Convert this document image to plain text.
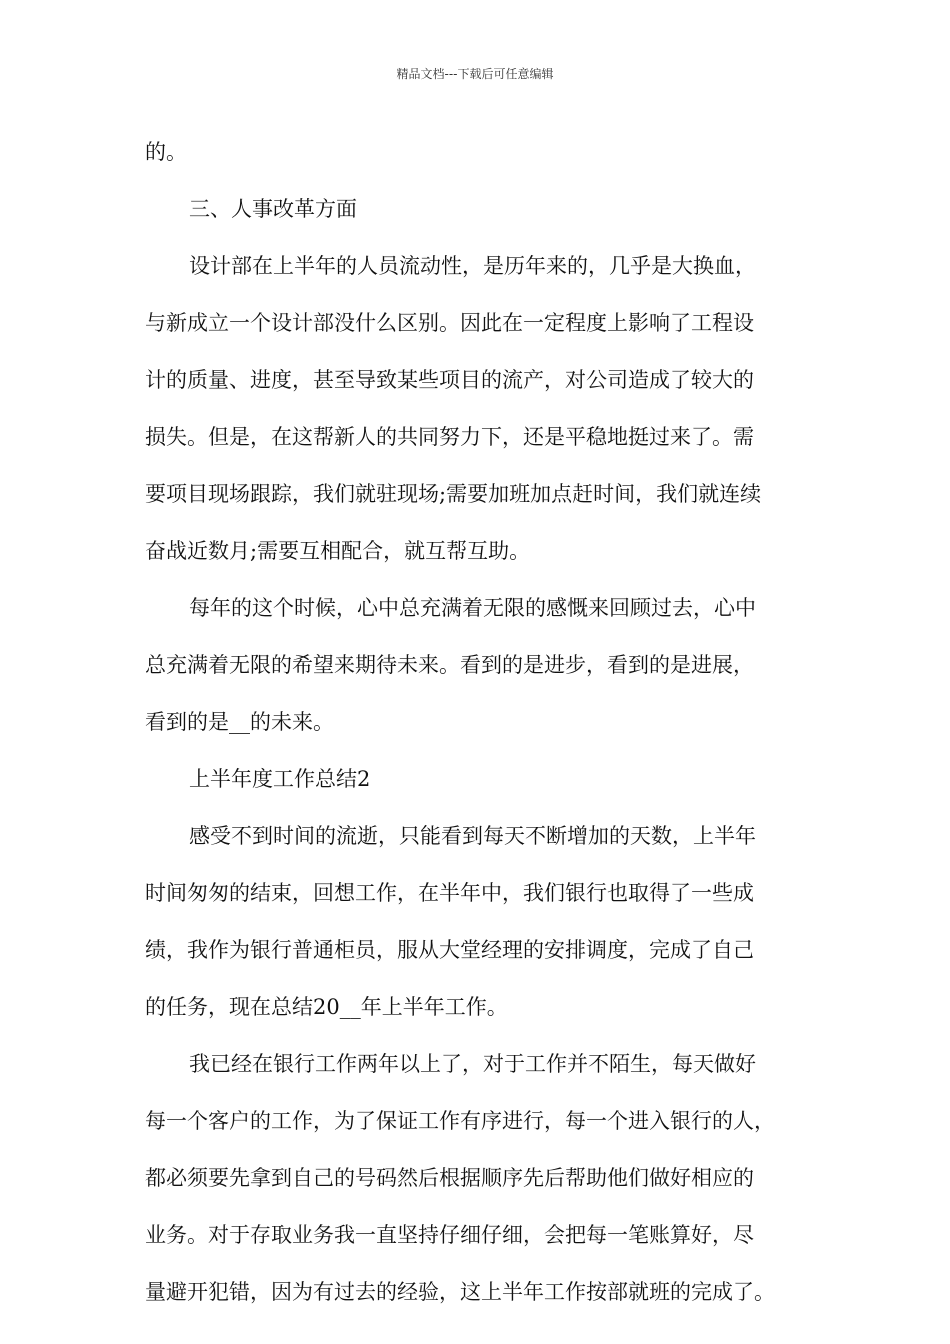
精品文档---下载后可任意编辑
的。
三、人事改革方面
设计部在上半年的人员流动性，是历年来的，几乎是大换血，
与新成立一个设计部没什么区别。因此在一定程度上影响了工程设
计的质量、进度，甚至导致某些项目的流产，对公司造成了较大的
损失。但是，在这帮新人的共同努力下，还是平稳地挺过来了。需
要项目现场跟踪，我们就驻现场;需要加班加点赶时间，我们就连续
奋战近数月;需要互相配合，就互帮互助。
每年的这个时候，心中总充满着无限的感慨来回顾过去，心中
总充满着无限的希望来期待未来。看到的是进步，看到的是进展，
看到的是__的未来。
上半年度工作总结2
感受不到时间的流逝，只能看到每天不断增加的天数，上半年
时间匆匆的结束，回想工作，在半年中，我们银行也取得了一些成
绩，我作为银行普通柜员，服从大堂经理的安排调度，完成了自己
的任务，现在总结20__年上半年工作。
我已经在银行工作两年以上了，对于工作并不陌生，每天做好
每一个客户的工作，为了保证工作有序进行，每一个进入银行的人，
都必须要先拿到自己的号码然后根据顺序先后帮助他们做好相应的
业务。对于存取业务我一直坚持仔细仔细，会把每一笔账算好，尽
量避开犯错，因为有过去的经验，这上半年工作按部就班的完成了。
